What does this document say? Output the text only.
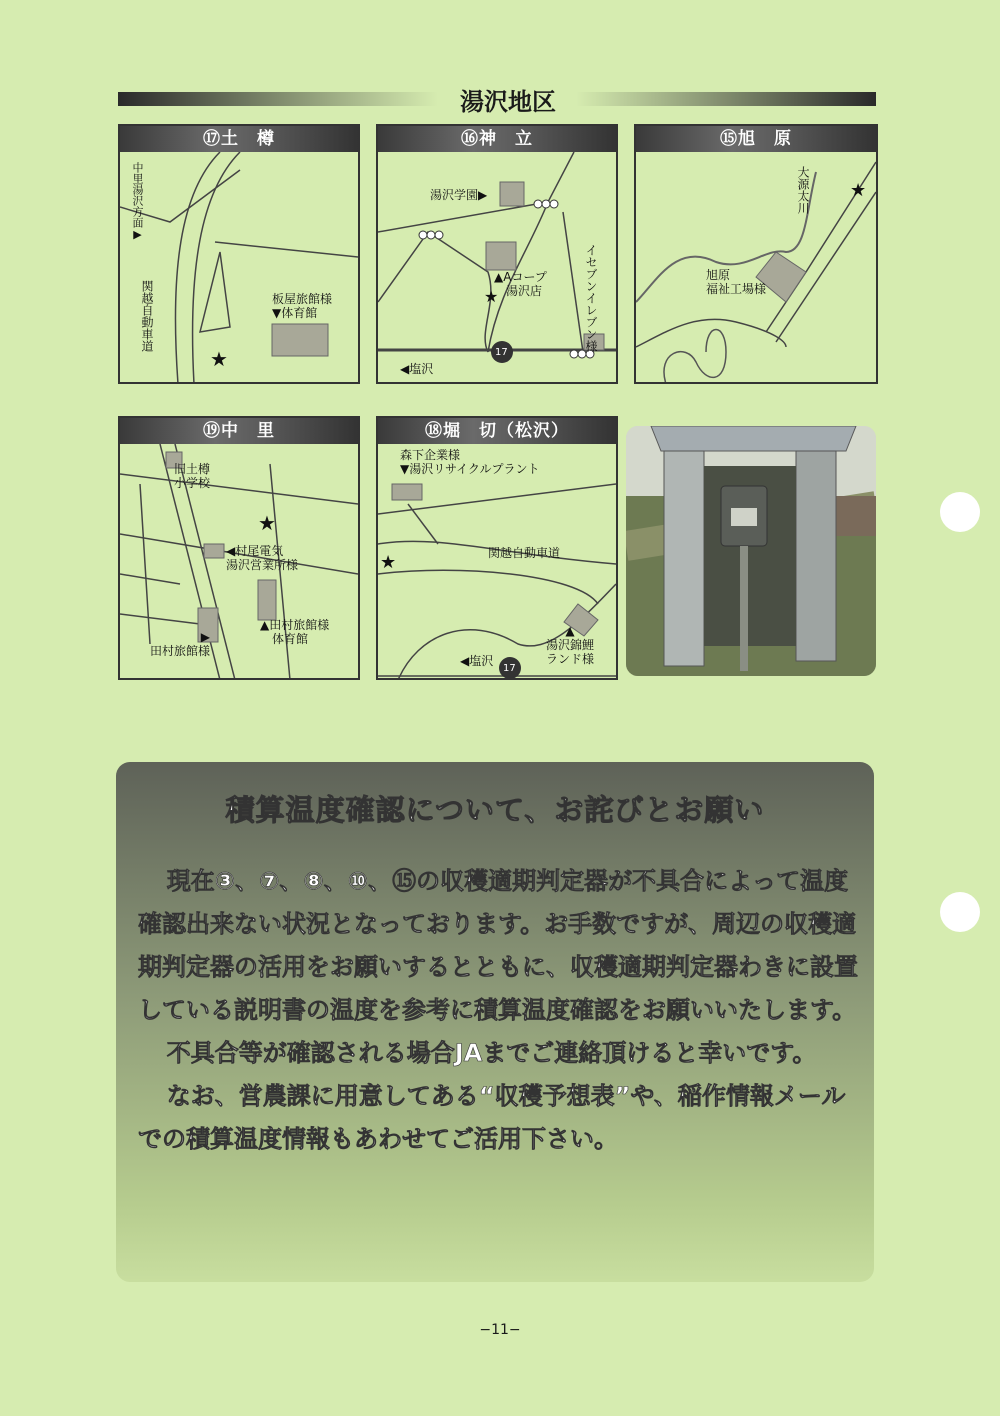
湯沢地区
⑰土　樽
★
中里湯沢方面▶
関越自動車道	板屋旅館様
▼体育館
⑯神　立
★
湯沢学園▶
▲Aコープ
　湯沢店	イセブンイレブン様
◀塩沢
17
⑮旭　原
★
大源太川
旭原
福祉工場様
⑲中　里
★
旧土樽
小学校
◀村尾電気
湯沢営業所様
▲田村旅館様
　体育館
▶
田村旅館様
⑱堀　切（松沢）
★
森下企業様
▼湯沢リサイクルプラント
関越自動車道
▲
湯沢錦鯉
ランド様
◀塩沢
17
積算温度確認について、お詫びとお願い

現在③、⑦、⑧、⑩、⑮の収穫適期判定器が不具合によって温度確認出来ない状況となっております。お手数ですが、周辺の収穫適期判定器の活用をお願いするとともに、収穫適期判定器わきに設置している説明書の温度を参考に積算温度確認をお願いいたします。

不具合等が確認される場合JAまでご連絡頂けると幸いです。

なお、営農課に用意してある“収穫予想表”や、稲作情報メールでの積算温度情報もあわせてご活用下さい。

−11−
